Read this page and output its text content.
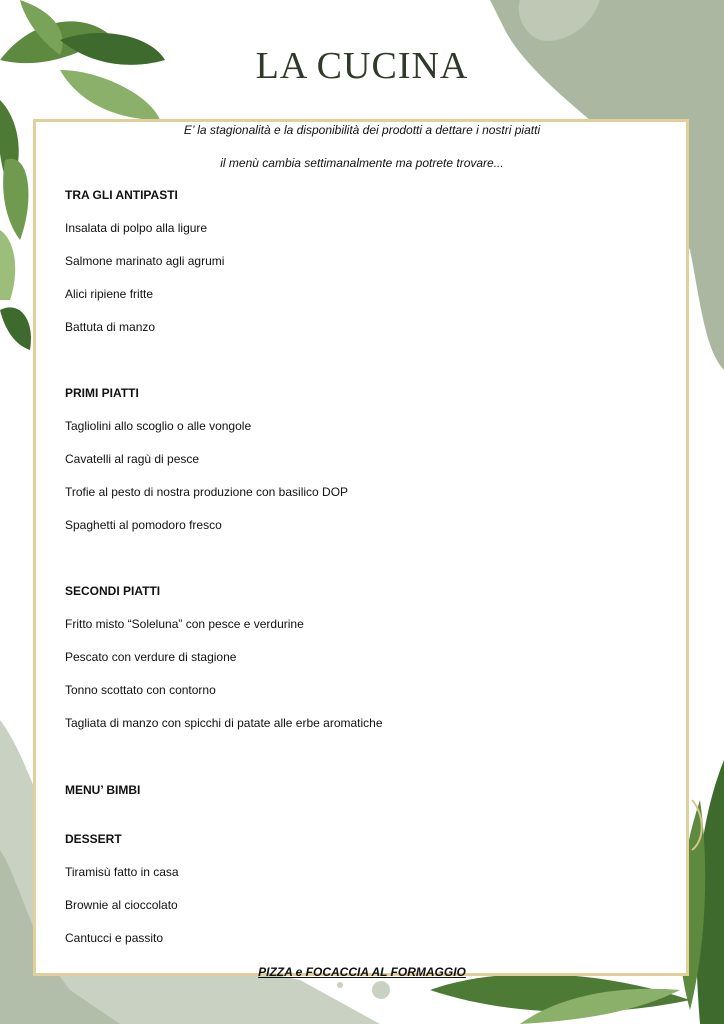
LA CUCINA
E’ la stagionalità e la disponibilità dei prodotti a dettare i nostri piatti
il menù cambia settimanalmente ma potrete trovare...
TRA GLI ANTIPASTI
Insalata di polpo alla ligure
Salmone marinato agli agrumi
Alici ripiene fritte
Battuta di manzo
PRIMI PIATTI
Tagliolini allo scoglio o alle vongole
Cavatelli al ragù di pesce
Trofie al pesto di nostra produzione con basilico DOP
Spaghetti al pomodoro fresco
SECONDI PIATTI
Fritto misto “Soleluna” con pesce e verdurine
Pescato con verdure di stagione
Tonno scottato con contorno
Tagliata di manzo con spicchi di patate alle erbe aromatiche
MENU’ BIMBI
DESSERT
Tiramisù fatto in casa
Brownie al cioccolato
Cantucci e passito
PIZZA e FOCACCIA AL FORMAGGIO
